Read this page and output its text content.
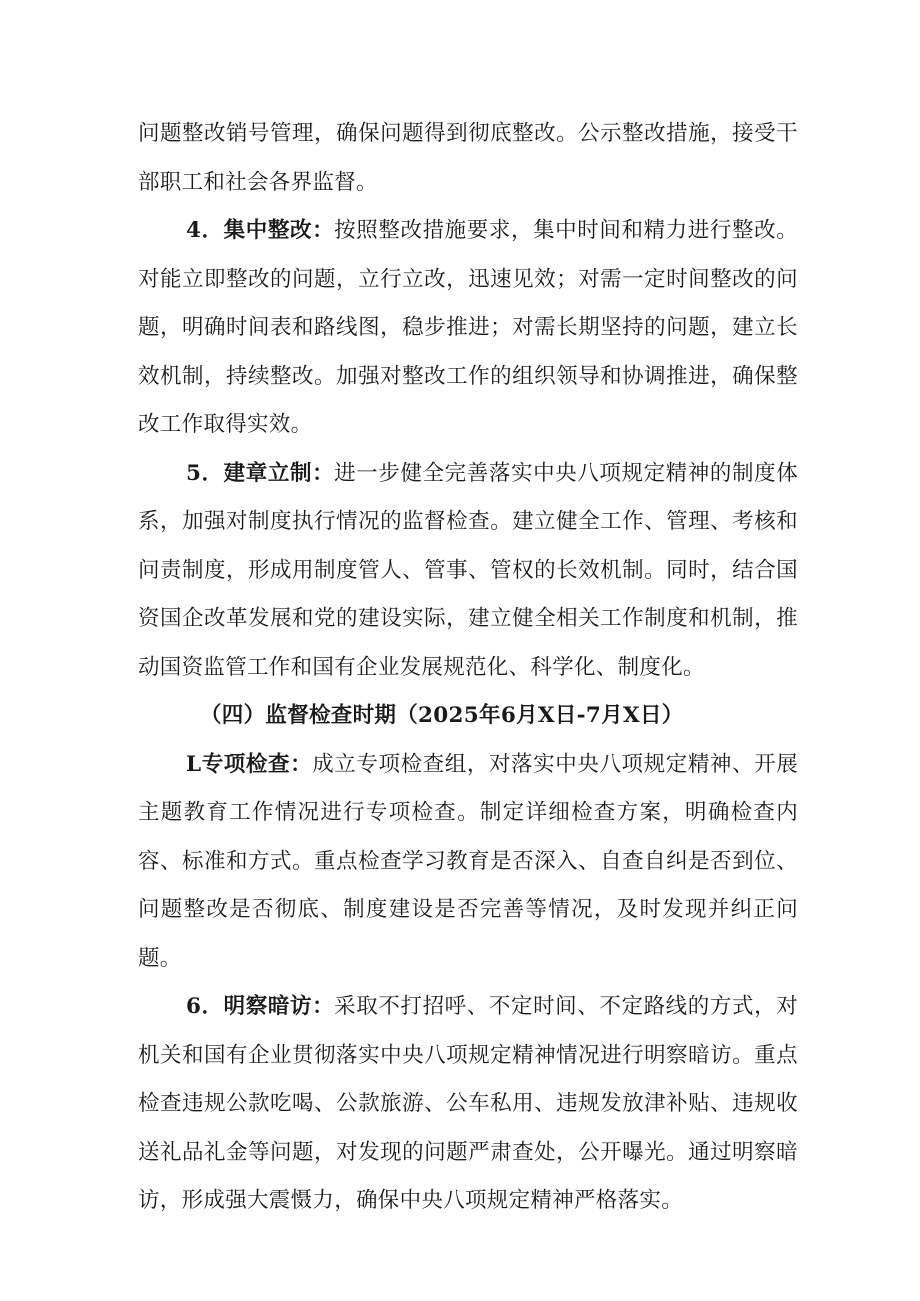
问题整改销号管理，确保问题得到彻底整改。公示整改措施，接受干部职工和社会各界监督。

4．集中整改：按照整改措施要求，集中时间和精力进行整改。对能立即整改的问题，立行立改，迅速见效；对需一定时间整改的问题，明确时间表和路线图，稳步推进；对需长期坚持的问题，建立长效机制，持续整改。加强对整改工作的组织领导和协调推进，确保整改工作取得实效。

5．建章立制：进一步健全完善落实中央八项规定精神的制度体系，加强对制度执行情况的监督检查。建立健全工作、管理、考核和问责制度，形成用制度管人、管事、管权的长效机制。同时，结合国资国企改革发展和党的建设实际，建立健全相关工作制度和机制，推动国资监管工作和国有企业发展规范化、科学化、制度化。

（四）监督检查时期（2025年6月X日-7月X日）

L专项检查：成立专项检查组，对落实中央八项规定精神、开展主题教育工作情况进行专项检查。制定详细检查方案，明确检查内容、标准和方式。重点检查学习教育是否深入、自查自纠是否到位、问题整改是否彻底、制度建设是否完善等情况，及时发现并纠正问题。

6．明察暗访：采取不打招呼、不定时间、不定路线的方式，对机关和国有企业贯彻落实中央八项规定精神情况进行明察暗访。重点检查违规公款吃喝、公款旅游、公车私用、违规发放津补贴、违规收送礼品礼金等问题，对发现的问题严肃查处，公开曝光。通过明察暗访，形成强大震慑力，确保中央八项规定精神严格落实。
